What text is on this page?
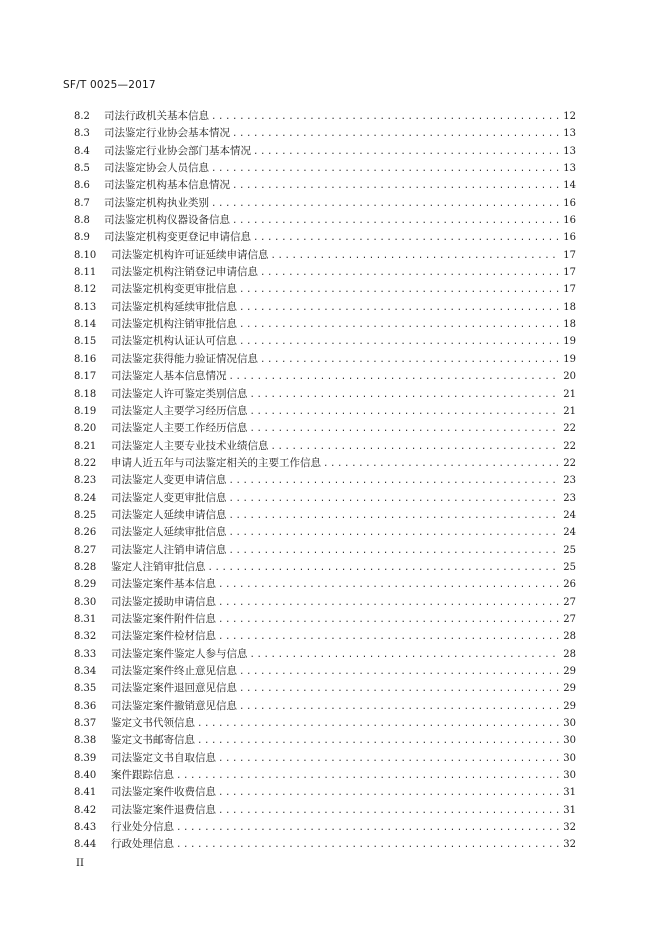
SF/T 0025—2017
8.2	司法行政机关基本信息 .....	12
8.3	司法鉴定行业协会基本情况 .....	13
8.4	司法鉴定行业协会部门基本情况 .....	13
8.5	司法鉴定协会人员信息 .....	13
8.6	司法鉴定机构基本信息情况 .....	14
8.7	司法鉴定机构执业类别 .....	16
8.8	司法鉴定机构仪器设备信息 .....	16
8.9	司法鉴定机构变更登记申请信息 .....	16
8.10	司法鉴定机构许可证延续申请信息 .....	17
8.11	司法鉴定机构注销登记申请信息 .....	17
8.12	司法鉴定机构变更审批信息 .....	17
8.13	司法鉴定机构延续审批信息 .....	18
8.14	司法鉴定机构注销审批信息 .....	18
8.15	司法鉴定机构认证认可信息 .....	19
8.16	司法鉴定获得能力验证情况信息 .....	19
8.17	司法鉴定人基本信息情况 .....	20
8.18	司法鉴定人许可鉴定类别信息 .....	21
8.19	司法鉴定人主要学习经历信息 .....	21
8.20	司法鉴定人主要工作经历信息 .....	22
8.21	司法鉴定人主要专业技术业绩信息 .....	22
8.22	申请人近五年与司法鉴定相关的主要工作信息 .....	22
8.23	司法鉴定人变更申请信息 .....	23
8.24	司法鉴定人变更审批信息 .....	23
8.25	司法鉴定人延续申请信息 .....	24
8.26	司法鉴定人延续审批信息 .....	24
8.27	司法鉴定人注销申请信息 .....	25
8.28	鉴定人注销审批信息 .....	25
8.29	司法鉴定案件基本信息 .....	26
8.30	司法鉴定援助申请信息 .....	27
8.31	司法鉴定案件附件信息 .....	27
8.32	司法鉴定案件检材信息 .....	28
8.33	司法鉴定案件鉴定人参与信息 .....	28
8.34	司法鉴定案件终止意见信息 .....	29
8.35	司法鉴定案件退回意见信息 .....	29
8.36	司法鉴定案件撤销意见信息 .....	29
8.37	鉴定文书代领信息 .....	30
8.38	鉴定文书邮寄信息 .....	30
8.39	司法鉴定文书自取信息 .....	30
8.40	案件跟踪信息 .....	30
8.41	司法鉴定案件收费信息 .....	31
8.42	司法鉴定案件退费信息 .....	31
8.43	行业处分信息 .....	32
8.44	行政处理信息 .....	32
II
